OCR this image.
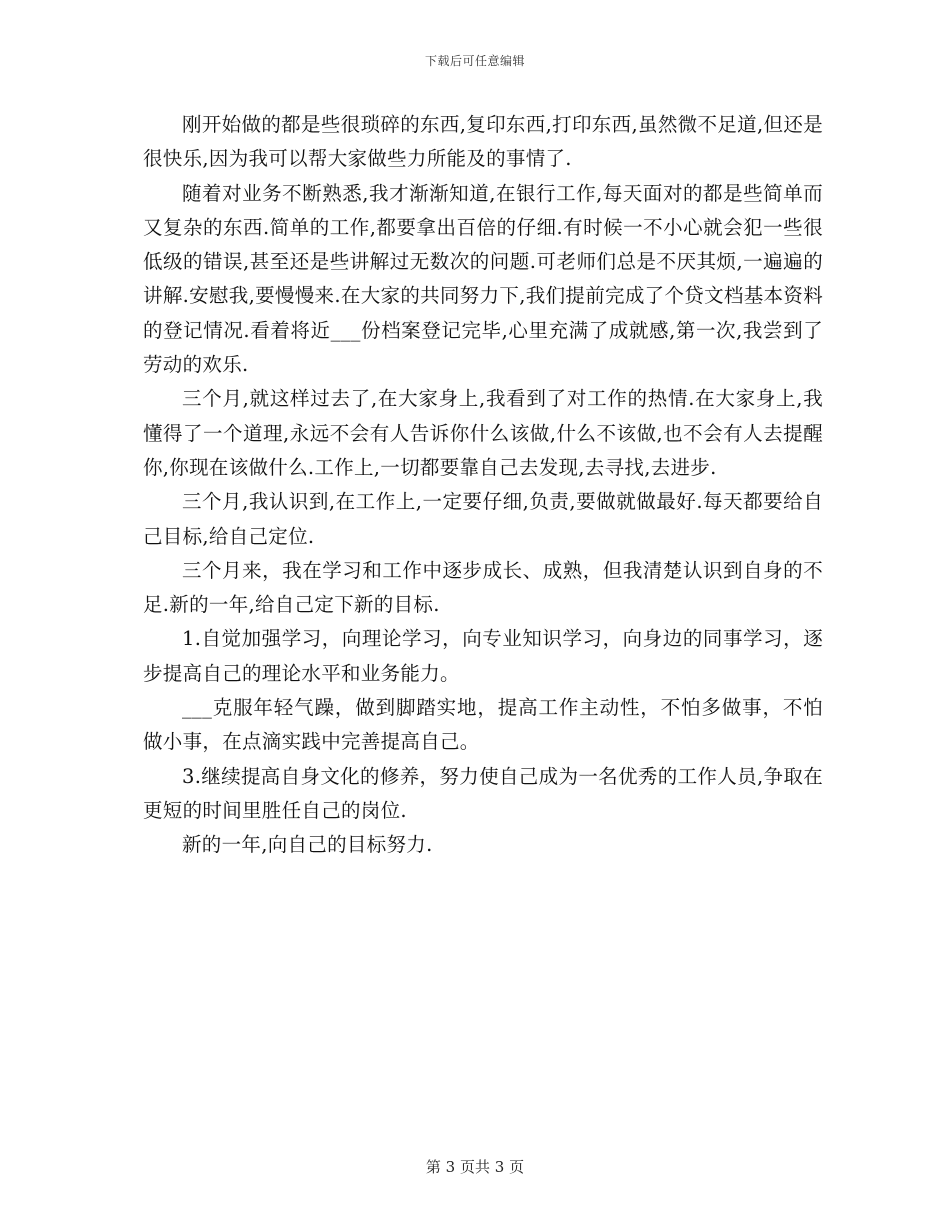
下载后可任意编辑

刚开始做的都是些很琐碎的东西,复印东西,打印东西,虽然微不足道,但还是很快乐,因为我可以帮大家做些力所能及的事情了.

随着对业务不断熟悉,我才渐渐知道,在银行工作,每天面对的都是些简单而又复杂的东西.简单的工作,都要拿出百倍的仔细.有时候一不小心就会犯一些很低级的错误,甚至还是些讲解过无数次的问题.可老师们总是不厌其烦,一遍遍的讲解.安慰我,要慢慢来.在大家的共同努力下,我们提前完成了个贷文档基本资料的登记情况.看着将近___份档案登记完毕,心里充满了成就感,第一次,我尝到了劳动的欢乐.

三个月,就这样过去了,在大家身上,我看到了对工作的热情.在大家身上,我懂得了一个道理,永远不会有人告诉你什么该做,什么不该做,也不会有人去提醒你,你现在该做什么.工作上,一切都要靠自己去发现,去寻找,去进步.

三个月,我认识到,在工作上,一定要仔细,负责,要做就做最好.每天都要给自己目标,给自己定位.

三个月来，我在学习和工作中逐步成长、成熟，但我清楚认识到自身的不足.新的一年,给自己定下新的目标.

1.自觉加强学习，向理论学习，向专业知识学习，向身边的同事学习，逐步提高自己的理论水平和业务能力。

___克服年轻气躁，做到脚踏实地，提高工作主动性，不怕多做事，不怕做小事，在点滴实践中完善提高自己。

3.继续提高自身文化的修养，努力使自己成为一名优秀的工作人员,争取在更短的时间里胜任自己的岗位.

新的一年,向自己的目标努力.

第 3 页共 3 页
